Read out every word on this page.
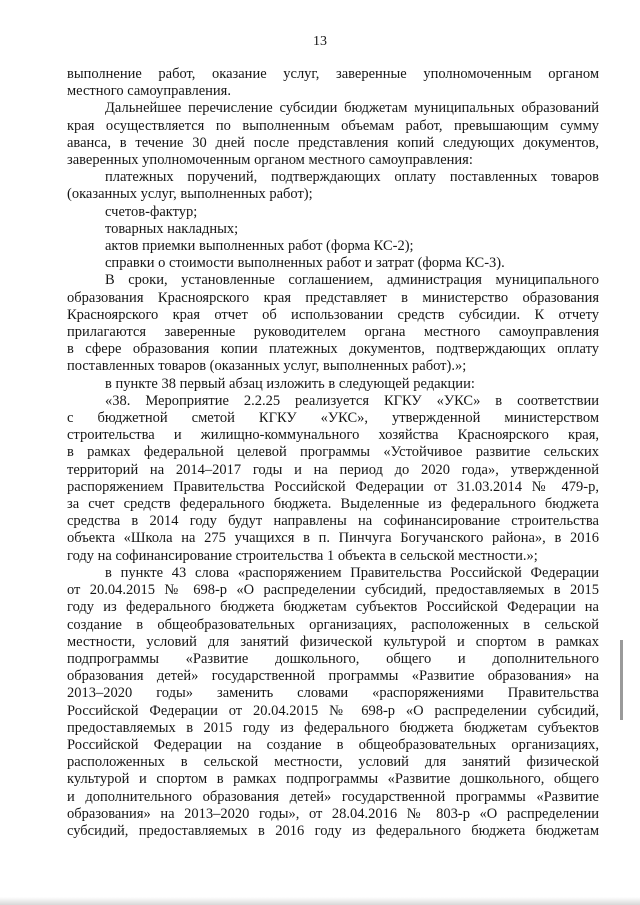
13
выполнение работ, оказание услуг, заверенные уполномоченным органом
местного самоуправления.
Дальнейшее перечисление субсидии бюджетам муниципальных образований
края осуществляется по выполненным объемам работ, превышающим сумму
аванса, в течение 30 дней после представления копий следующих документов,
заверенных уполномоченным органом местного самоуправления:
платежных поручений, подтверждающих оплату поставленных товаров
(оказанных услуг, выполненных работ);
счетов-фактур;
товарных накладных;
актов приемки выполненных работ (форма КС-2);
справки о стоимости выполненных работ и затрат (форма КС-3).
В сроки, установленные соглашением, администрация муниципального
образования Красноярского края представляет в министерство образования
Красноярского края отчет об использовании средств субсидии. К отчету
прилагаются заверенные руководителем органа местного самоуправления
в сфере образования копии платежных документов, подтверждающих оплату
поставленных товаров (оказанных услуг, выполненных работ).»;
в пункте 38 первый абзац изложить в следующей редакции:
«38. Мероприятие 2.2.25 реализуется КГКУ «УКС» в соответствии
с бюджетной сметой КГКУ «УКС», утвержденной министерством
строительства и жилищно-коммунального хозяйства Красноярского края,
в рамках федеральной целевой программы «Устойчивое развитие сельских
территорий на 2014–2017 годы и на период до 2020 года», утвержденной
распоряжением Правительства Российской Федерации от 31.03.2014 № 479-р,
за счет средств федерального бюджета. Выделенные из федерального бюджета
средства в 2014 году будут направлены на софинансирование строительства
объекта «Школа на 275 учащихся в п. Пинчуга Богучанского района», в 2016
году на софинансирование строительства 1 объекта в сельской местности.»;
в пункте 43 слова «распоряжением Правительства Российской Федерации
от 20.04.2015 № 698-р «О распределении субсидий, предоставляемых в 2015
году из федерального бюджета бюджетам субъектов Российской Федерации на
создание в общеобразовательных организациях, расположенных в сельской
местности, условий для занятий физической культурой и спортом в рамках
подпрограммы «Развитие дошкольного, общего и дополнительного
образования детей» государственной программы «Развитие образования» на
2013–2020 годы» заменить словами «распоряжениями Правительства
Российской Федерации от 20.04.2015 № 698-р «О распределении субсидий,
предоставляемых в 2015 году из федерального бюджета бюджетам субъектов
Российской Федерации на создание в общеобразовательных организациях,
расположенных в сельской местности, условий для занятий физической
культурой и спортом в рамках подпрограммы «Развитие дошкольного, общего
и дополнительного образования детей» государственной программы «Развитие
образования» на 2013–2020 годы», от 28.04.2016 № 803-р «О распределении
субсидий, предоставляемых в 2016 году из федерального бюджета бюджетам
